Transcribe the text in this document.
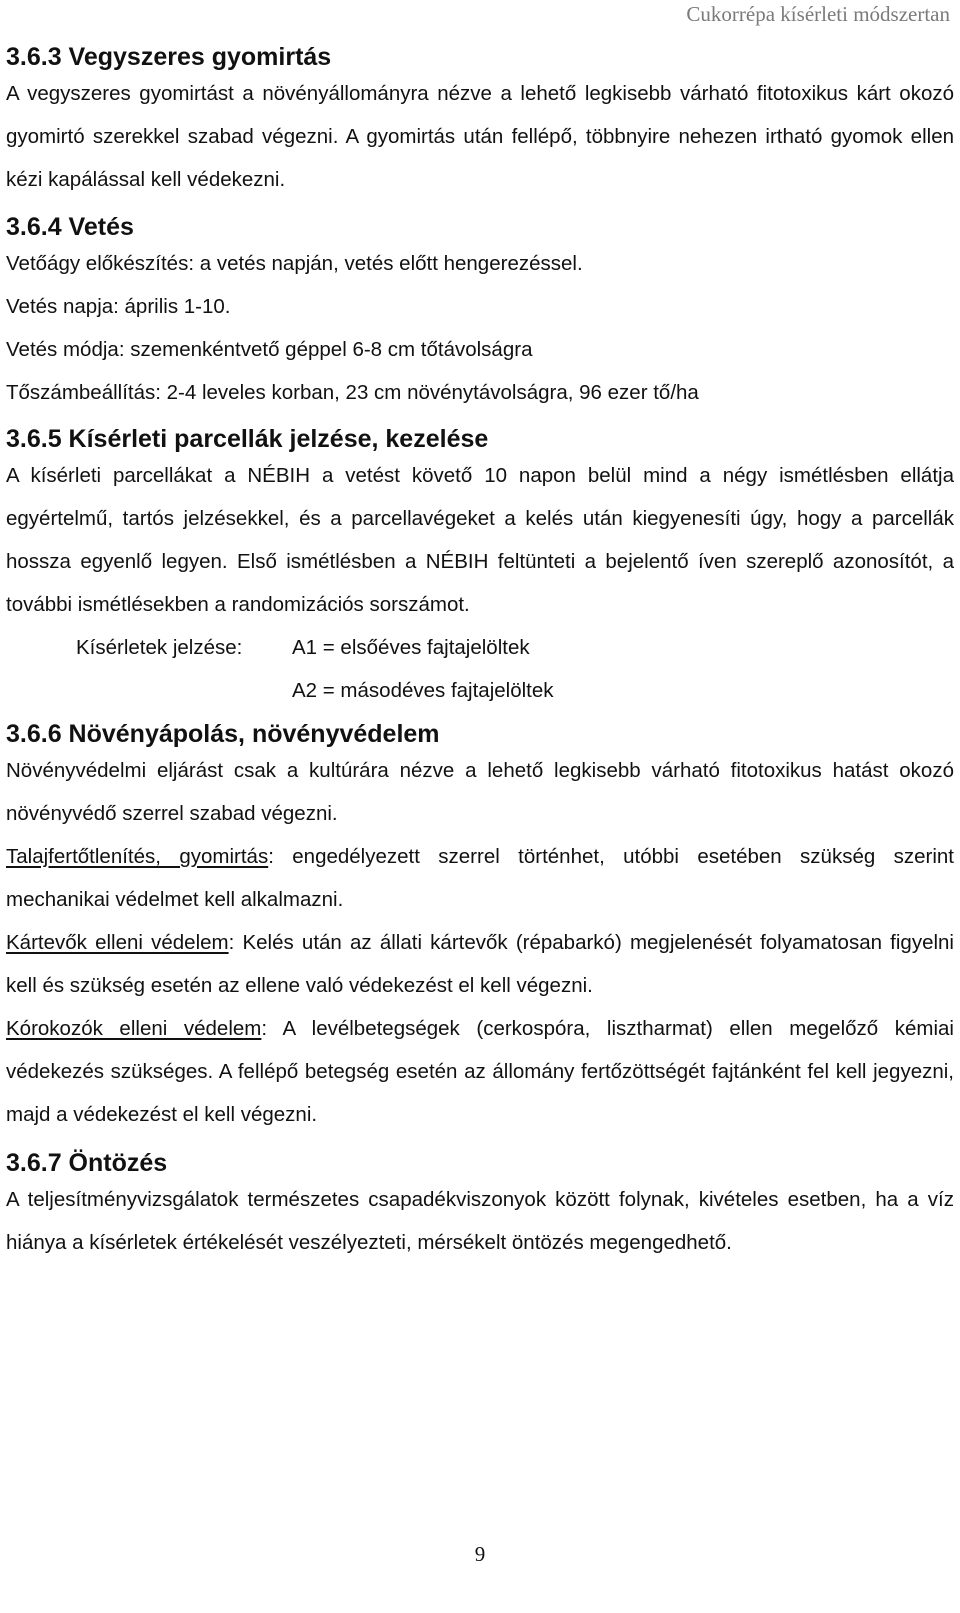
Cukorrépa kísérleti módszertan
3.6.3 Vegyszeres gyomirtás

A vegyszeres gyomirtást a növényállományra nézve a lehető legkisebb várható fitotoxikus kárt okozó gyomirtó szerekkel szabad végezni. A gyomirtás után fellépő, többnyire nehezen irtható gyomok ellen kézi kapálással kell védekezni.

3.6.4 Vetés

Vetőágy előkészítés: a vetés napján, vetés előtt hengerezéssel.

Vetés napja: április 1-10.

Vetés módja: szemenkéntvető géppel 6-8 cm tőtávolságra

Tőszámbeállítás: 2-4 leveles korban, 23 cm növénytávolságra, 96 ezer tő/ha

3.6.5 Kísérleti parcellák jelzése, kezelése

A kísérleti parcellákat a NÉBIH a vetést követő 10 napon belül mind a négy ismétlésben ellátja egyértelmű, tartós jelzésekkel, és a parcellavégeket a kelés után kiegyenesíti úgy, hogy a parcellák hossza egyenlő legyen. Első ismétlésben a NÉBIH feltünteti a bejelentő íven szereplő azonosítót, a további ismétlésekben a randomizációs sorszámot.

Kísérletek jelzése:	A1 = elsőéves fajtajelöltek
A2 = másodéves fajtajelöltek
3.6.6 Növényápolás, növényvédelem

Növényvédelmi eljárást csak a kultúrára nézve a lehető legkisebb várható fitotoxikus hatást okozó növényvédő szerrel szabad végezni.

Talajfertőtlenítés, gyomirtás: engedélyezett szerrel történhet, utóbbi esetében szükség szerint mechanikai védelmet kell alkalmazni.

Kártevők elleni védelem: Kelés után az állati kártevők (répabarkó) megjelenését folyamatosan figyelni kell és szükség esetén az ellene való védekezést el kell végezni.

Kórokozók elleni védelem: A levélbetegségek (cerkospóra, lisztharmat) ellen megelőző kémiai védekezés szükséges. A fellépő betegség esetén az állomány fertőzöttségét fajtánként fel kell jegyezni, majd a védekezést el kell végezni.

3.6.7 Öntözés

A teljesítményvizsgálatok természetes csapadékviszonyok között folynak, kivételes esetben, ha a víz hiánya a kísérletek értékelését veszélyezteti, mérsékelt öntözés megengedhető.

9
